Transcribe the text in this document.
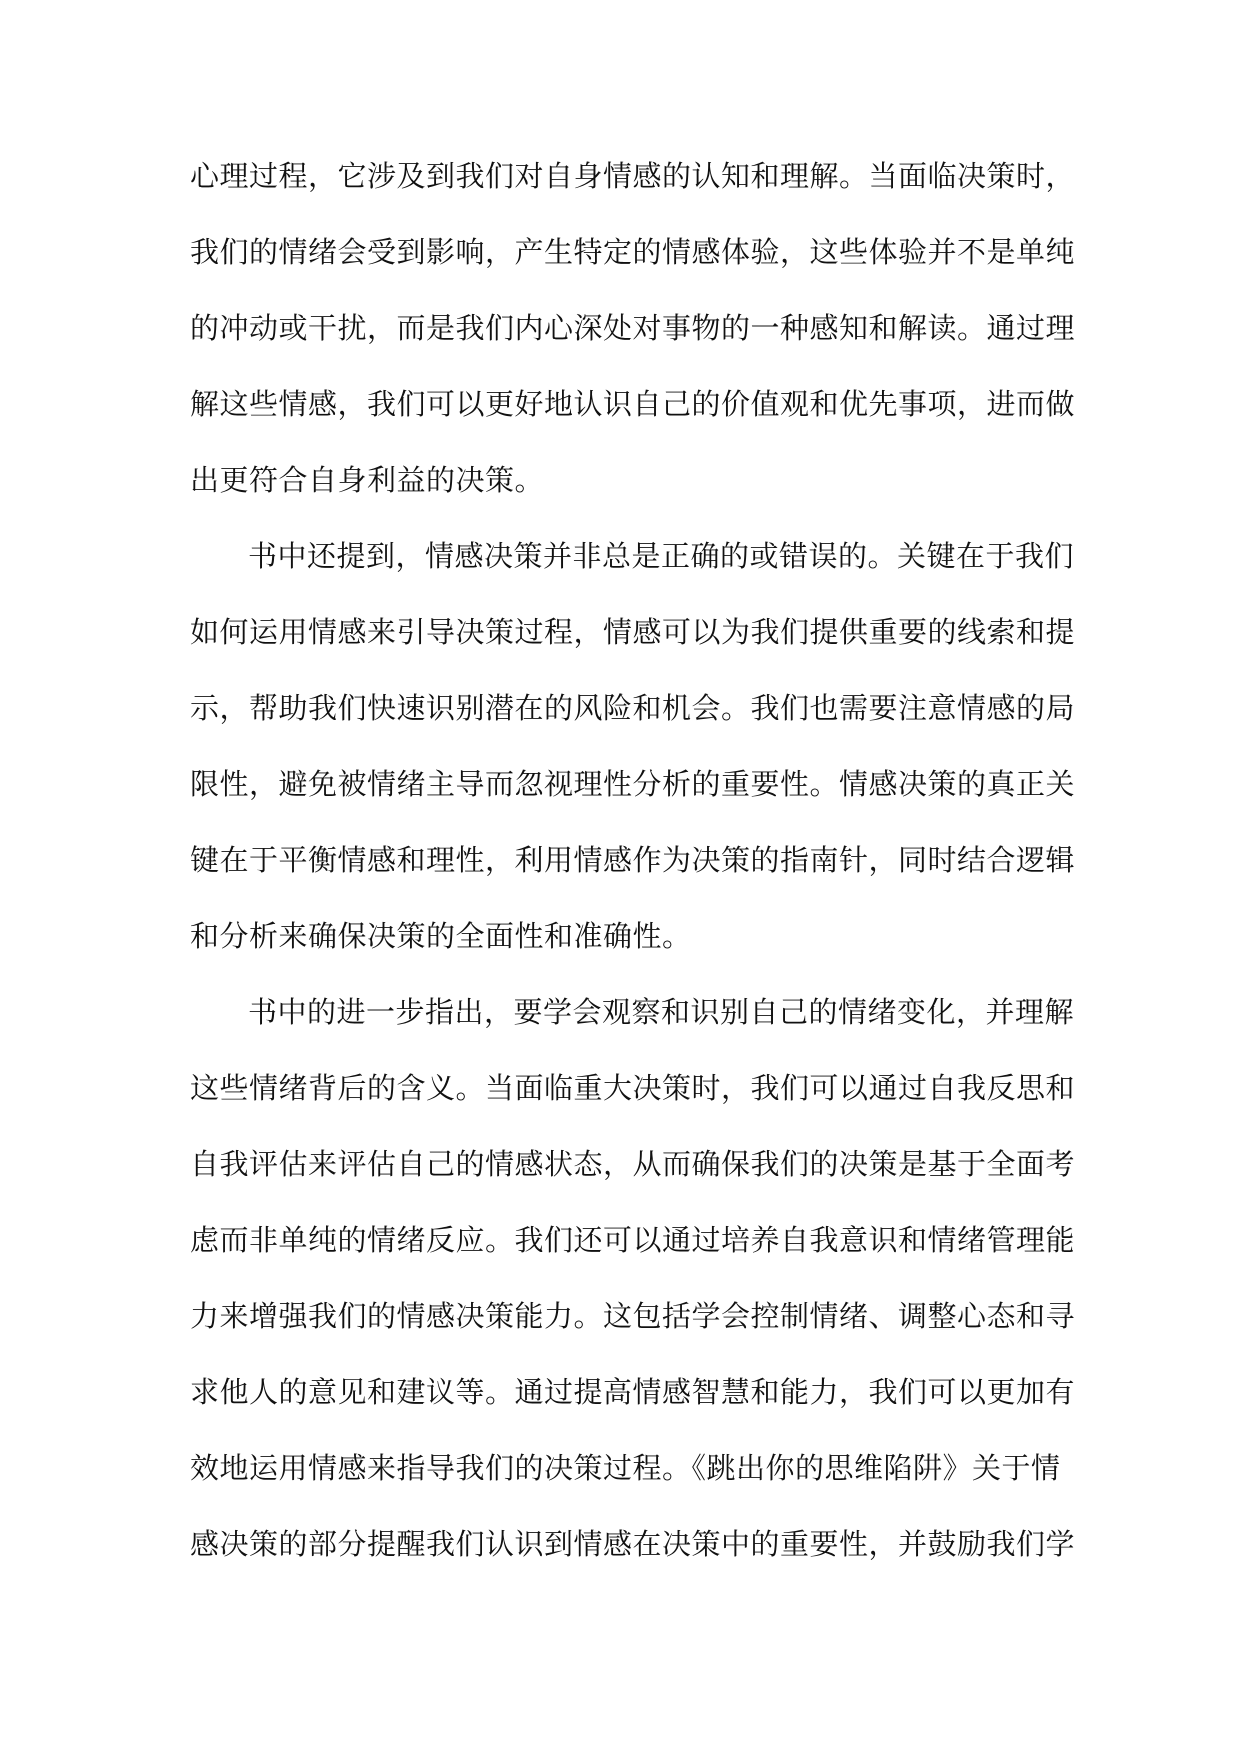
心理过程，它涉及到我们对自身情感的认知和理解。当面临决策时，
我们的情绪会受到影响，产生特定的情感体验，这些体验并不是单纯
的冲动或干扰，而是我们内心深处对事物的一种感知和解读。通过理
解这些情感，我们可以更好地认识自己的价值观和优先事项，进而做
出更符合自身利益的决策。
书中还提到，情感决策并非总是正确的或错误的。关键在于我们
如何运用情感来引导决策过程，情感可以为我们提供重要的线索和提
示，帮助我们快速识别潜在的风险和机会。我们也需要注意情感的局
限性，避免被情绪主导而忽视理性分析的重要性。情感决策的真正关
键在于平衡情感和理性，利用情感作为决策的指南针，同时结合逻辑
和分析来确保决策的全面性和准确性。
书中的进一步指出，要学会观察和识别自己的情绪变化，并理解
这些情绪背后的含义。当面临重大决策时，我们可以通过自我反思和
自我评估来评估自己的情感状态，从而确保我们的决策是基于全面考
虑而非单纯的情绪反应。我们还可以通过培养自我意识和情绪管理能
力来增强我们的情感决策能力。这包括学会控制情绪、调整心态和寻
求他人的意见和建议等。通过提高情感智慧和能力，我们可以更加有
效地运用情感来指导我们的决策过程。《跳出你的思维陷阱》关于情
感决策的部分提醒我们认识到情感在决策中的重要性，并鼓励我们学
